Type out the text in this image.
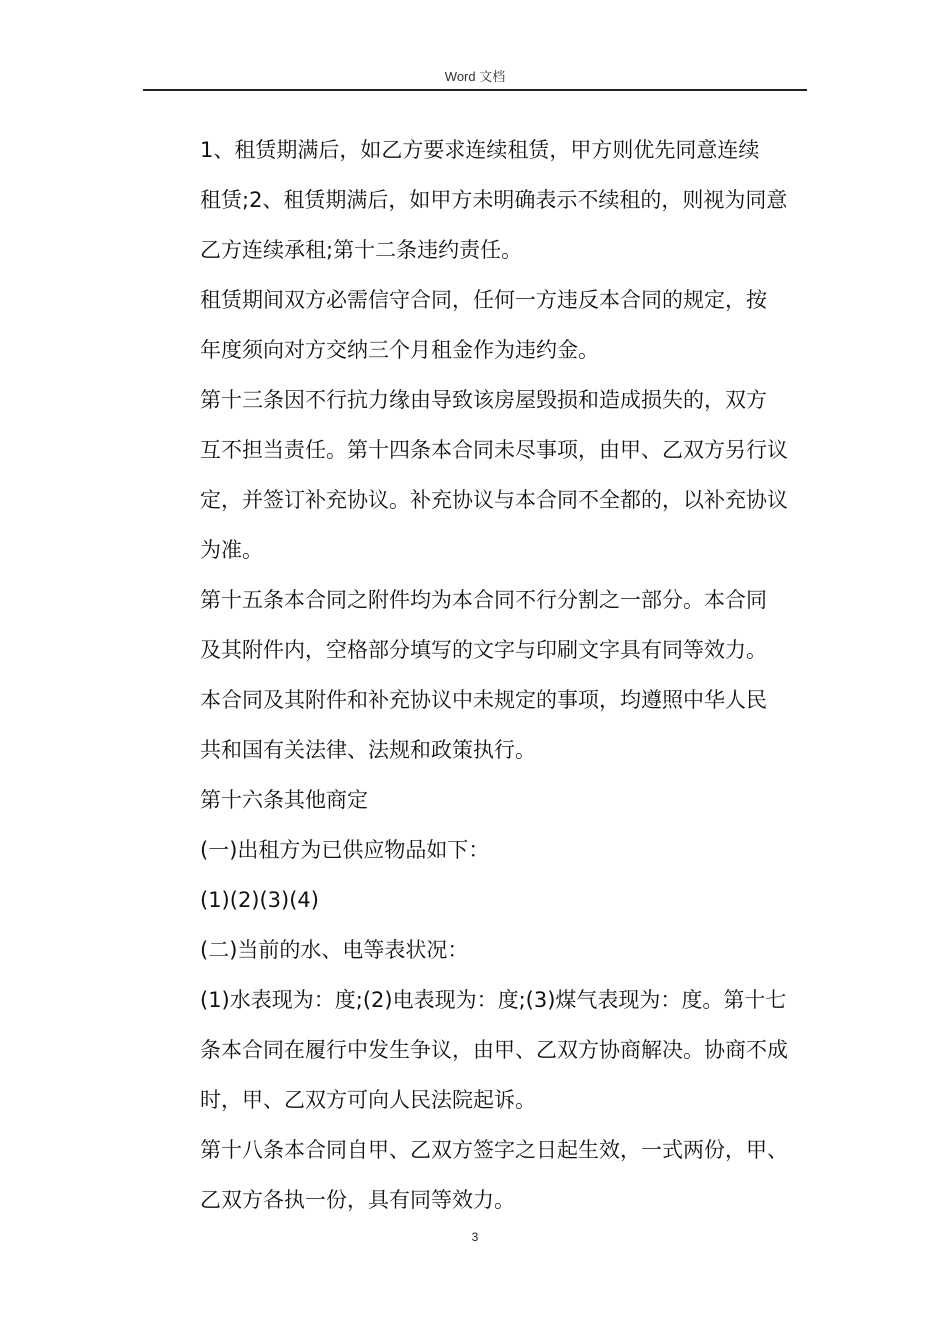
Word 文档

1、租赁期满后，如乙方要求连续租赁，甲方则优先同意连续
租赁;2、租赁期满后，如甲方未明确表示不续租的，则视为同意
乙方连续承租;第十二条违约责任。

租赁期间双方必需信守合同，任何一方违反本合同的规定，按
年度须向对方交纳三个月租金作为违约金。

第十三条因不行抗力缘由导致该房屋毁损和造成损失的，双方
互不担当责任。第十四条本合同未尽事项，由甲、乙双方另行议
定，并签订补充协议。补充协议与本合同不全都的，以补充协议
为准。

第十五条本合同之附件均为本合同不行分割之一部分。本合同
及其附件内，空格部分填写的文字与印刷文字具有同等效力。

本合同及其附件和补充协议中未规定的事项，均遵照中华人民
共和国有关法律、法规和政策执行。

第十六条其他商定

(一)出租方为已供应物品如下：

(1)(2)(3)(4)

(二)当前的水、电等表状况：

(1)水表现为：度;(2)电表现为：度;(3)煤气表现为：度。第十七
条本合同在履行中发生争议，由甲、乙双方协商解决。协商不成
时，甲、乙双方可向人民法院起诉。

第十八条本合同自甲、乙双方签字之日起生效，一式两份，甲、
乙双方各执一份，具有同等效力。

3
